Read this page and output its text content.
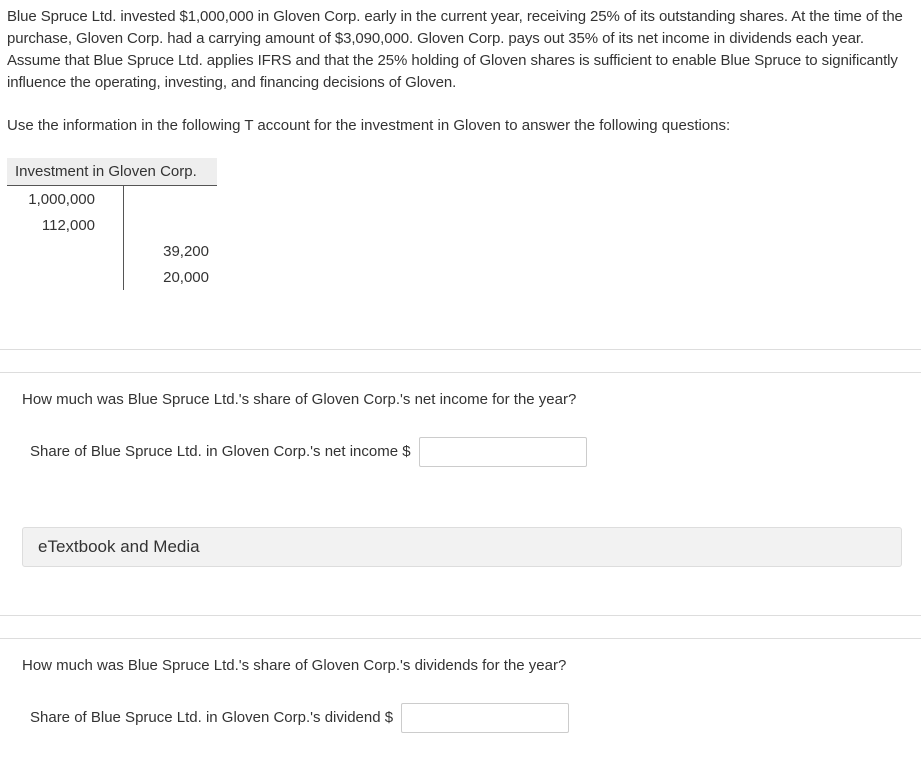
Blue Spruce Ltd. invested $1,000,000 in Gloven Corp. early in the current year, receiving 25% of its outstanding shares. At the time of the purchase, Gloven Corp. had a carrying amount of $3,090,000. Gloven Corp. pays out 35% of its net income in dividends each year. Assume that Blue Spruce Ltd. applies IFRS and that the 25% holding of Gloven shares is sufficient to enable Blue Spruce to significantly influence the operating, investing, and financing decisions of Gloven.

Use the information in the following T account for the investment in Gloven to answer the following questions:

Investment in Gloven Corp.
1,000,000
112,000
39,200
20,000

How much was Blue Spruce Ltd.'s share of Gloven Corp.'s net income for the year?

Share of Blue Spruce Ltd. in Gloven Corp.'s net income $
eTextbook and Media

How much was Blue Spruce Ltd.'s share of Gloven Corp.'s dividends for the year?

Share of Blue Spruce Ltd. in Gloven Corp.'s dividend $
